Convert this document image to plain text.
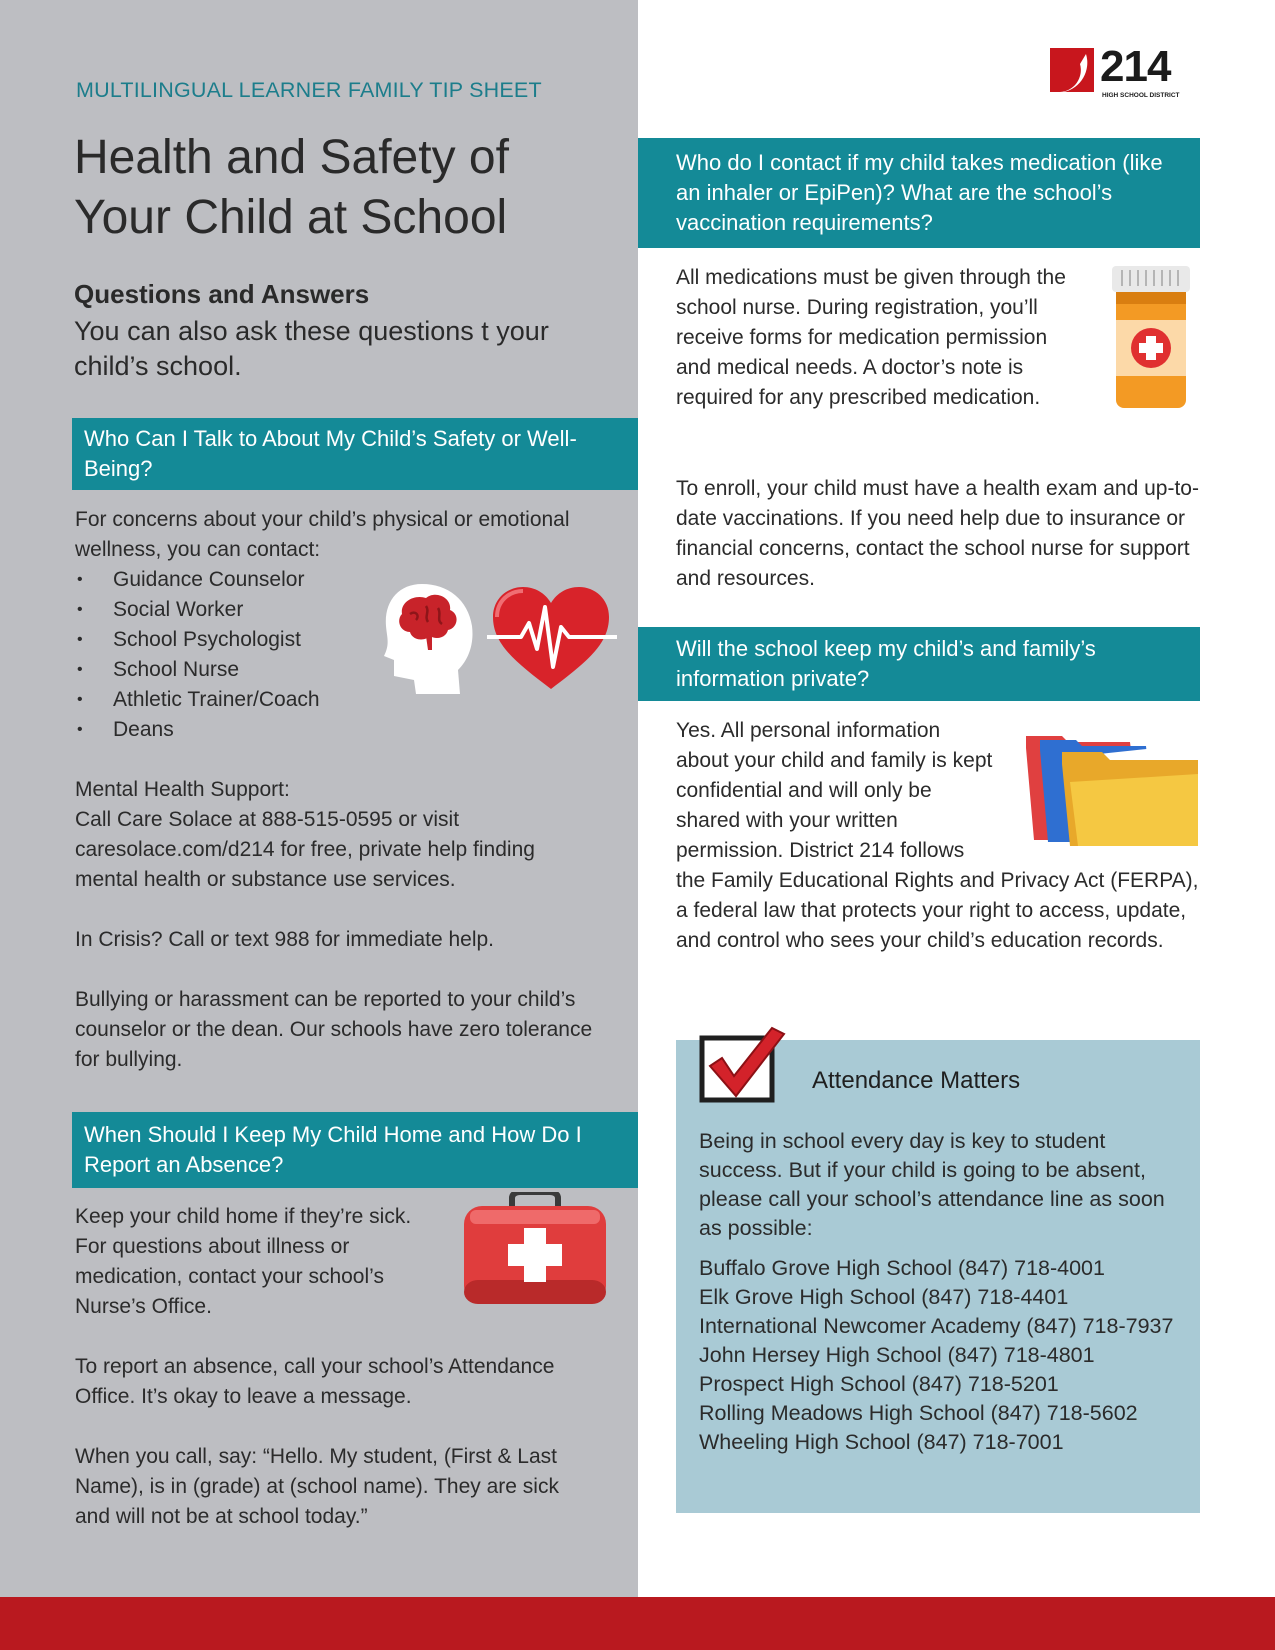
214
HIGH SCHOOL DISTRICT
MULTILINGUAL LEARNER FAMILY TIP SHEET
Health and Safety of
Your Child at School
Questions and Answers
You can also ask these questions t your child’s school.
Who Can I Talk to About My Child’s Safety or Well-Being?

For concerns about your child’s physical or emotional wellness, you can contact:

• Guidance Counselor
• Social Worker
• School Psychologist
• School Nurse
• Athletic Trainer/Coach
• Deans

Mental Health Support:

Call Care Solace at 888-515-0595 or visit caresolace.com/d214 for free, private help finding mental health or substance use services.

In Crisis? Call or text 988 for immediate help.

Bullying or harassment can be reported to your child’s counselor or the dean. Our schools have zero tolerance for bullying.

When Should I Keep My Child Home and How Do I Report an Absence?
Keep your child home if they’re sick. For questions about illness or medication, contact your school’s Nurse’s Office.
To report an absence, call your school’s Attendance Office. It’s okay to leave a message.
When you call, say: “Hello. My student, (First & Last Name), is in (grade) at (school name). They are sick and will not be at school today.”
Who do I contact if my child takes medication (like an inhaler or EpiPen)? What are the school’s vaccination requirements?
All medications must be given through the school nurse. During registration, you’ll receive forms for medication permission and medical needs. A doctor’s note is required for any prescribed medication.
To enroll, your child must have a health exam and up-to-date vaccinations. If you need help due to insurance or financial concerns, contact the school nurse for support and resources.
Will the school keep my child’s and family’s information private?
Yes. All personal information about your child and family is kept confidential and will only be shared with your written permission. District 214 follows the Family Educational Rights and Privacy Act (FERPA), a federal law that protects your right to access, update, and control who sees your child’s education records.
Attendance Matters
Being in school every day is key to student success. But if your child is going to be absent, please call your school’s attendance line as soon as possible:
Buffalo Grove High School (847) 718-4001
Elk Grove High School (847) 718-4401
International Newcomer Academy (847) 718-7937
John Hersey High School (847) 718-4801
Prospect High School (847) 718-5201
Rolling Meadows High School (847) 718-5602
Wheeling High School (847) 718-7001
